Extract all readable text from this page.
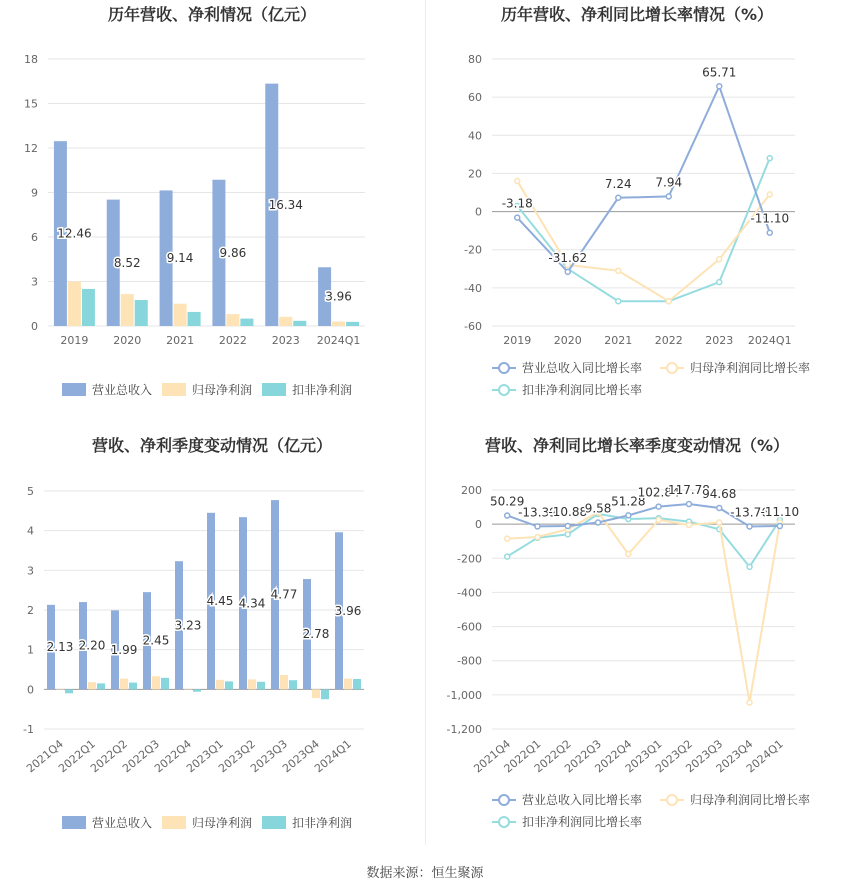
历年营收、净利情况（亿元）
0
3
6
9
12
15
18
2019 2020 2021 2022 2023 2024Q1
12.46
8.52 9.14 9.86
16.34
3.96
营业总收入	归母净利润	扣非净利润
历年营收、净利同比增长率情况（%）
-60
-40
-20
0
20
40
60
80
2019 2020 2021 2022 2023 2024Q1
-3.18
-31.62
7.24 7.94
65.71
-11.10
营业总收入同比增长率	归母净利润同比增长率
扣非净利润同比增长率
营收、净利季度变动情况（亿元）
-1
0
1
2
3
4
5
2021Q4
2022Q1
2022Q2
2022Q3
2022Q4
2023Q1
2023Q2
2023Q3
2023Q4
2024Q1
2.13 2.20 1.99
2.45
3.23
4.45 4.34
4.77
2.78
3.96
营业总收入	归母净利润	扣非净利润
营收、净利同比增长率季度变动情况（%）
-1,200
-1,000
-800
-600
-400
-200
0
200
2021Q4
2022Q1
2022Q2
2022Q3
2022Q4
2023Q1
2023Q2
2023Q3
2023Q4
2024Q1
50.29
-13.39
-10.88
9.58
51.28
102.84
117.78
94.68
-13.76
-11.10
营业总收入同比增长率	归母净利润同比增长率
扣非净利润同比增长率
数据来源：恒生聚源
